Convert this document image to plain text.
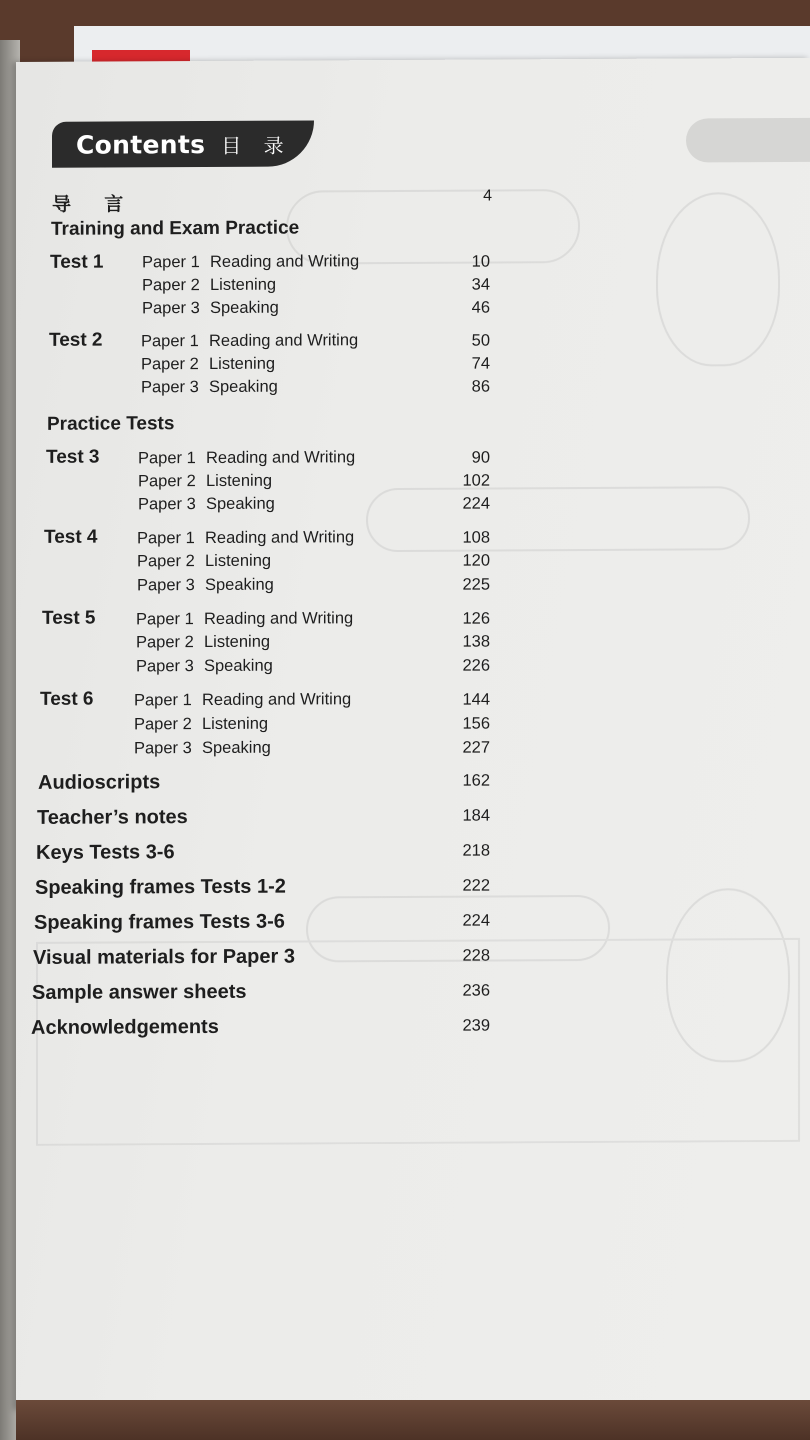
Contents 目 录
导 言	4
Training and Exam Practice
Test 1 Paper 1 Reading and Writing	10
Paper 2 Listening	34
Paper 3 Speaking	46
Test 2 Paper 1 Reading and Writing	50
Paper 2 Listening	74
Paper 3 Speaking	86
Practice Tests
Test 3 Paper 1 Reading and Writing	90
Paper 2 Listening	102
Paper 3 Speaking	224
Test 4 Paper 1 Reading and Writing	108
Paper 2 Listening	120
Paper 3 Speaking	225
Test 5 Paper 1 Reading and Writing	126
Paper 2 Listening	138
Paper 3 Speaking	226
Test 6 Paper 1 Reading and Writing	144
Paper 2 Listening	156
Paper 3 Speaking	227
Audioscripts	162
Teacher’s notes	184
Keys Tests 3-6	218
Speaking frames Tests 1-2	222
Speaking frames Tests 3-6	224
Visual materials for Paper 3	228
Sample answer sheets	236
Acknowledgements	239
